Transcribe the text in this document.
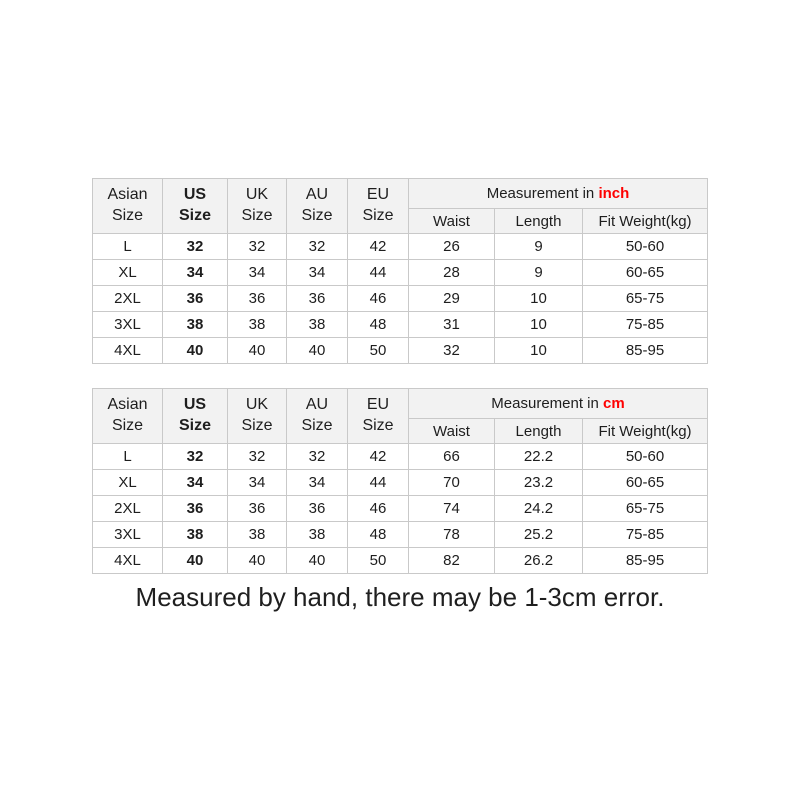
Asian Size	US Size	UK Size	AU Size	EU Size	Measurement in inch		
					Waist	Length	Fit Weight(kg)
L	32	32	32	42	26	9	50-60
XL	34	34	34	44	28	9	60-65
2XL	36	36	36	46	29	10	65-75
3XL	38	38	38	48	31	10	75-85
4XL	40	40	40	50	32	10	85-95
Asian Size	US Size	UK Size	AU Size	EU Size	Measurement in cm		
					Waist	Length	Fit Weight(kg)
L	32	32	32	42	66	22.2	50-60
XL	34	34	34	44	70	23.2	60-65
2XL	36	36	36	46	74	24.2	65-75
3XL	38	38	38	48	78	25.2	75-85
4XL	40	40	40	50	82	26.2	85-95
Measured by hand, there may be 1-3cm error.
